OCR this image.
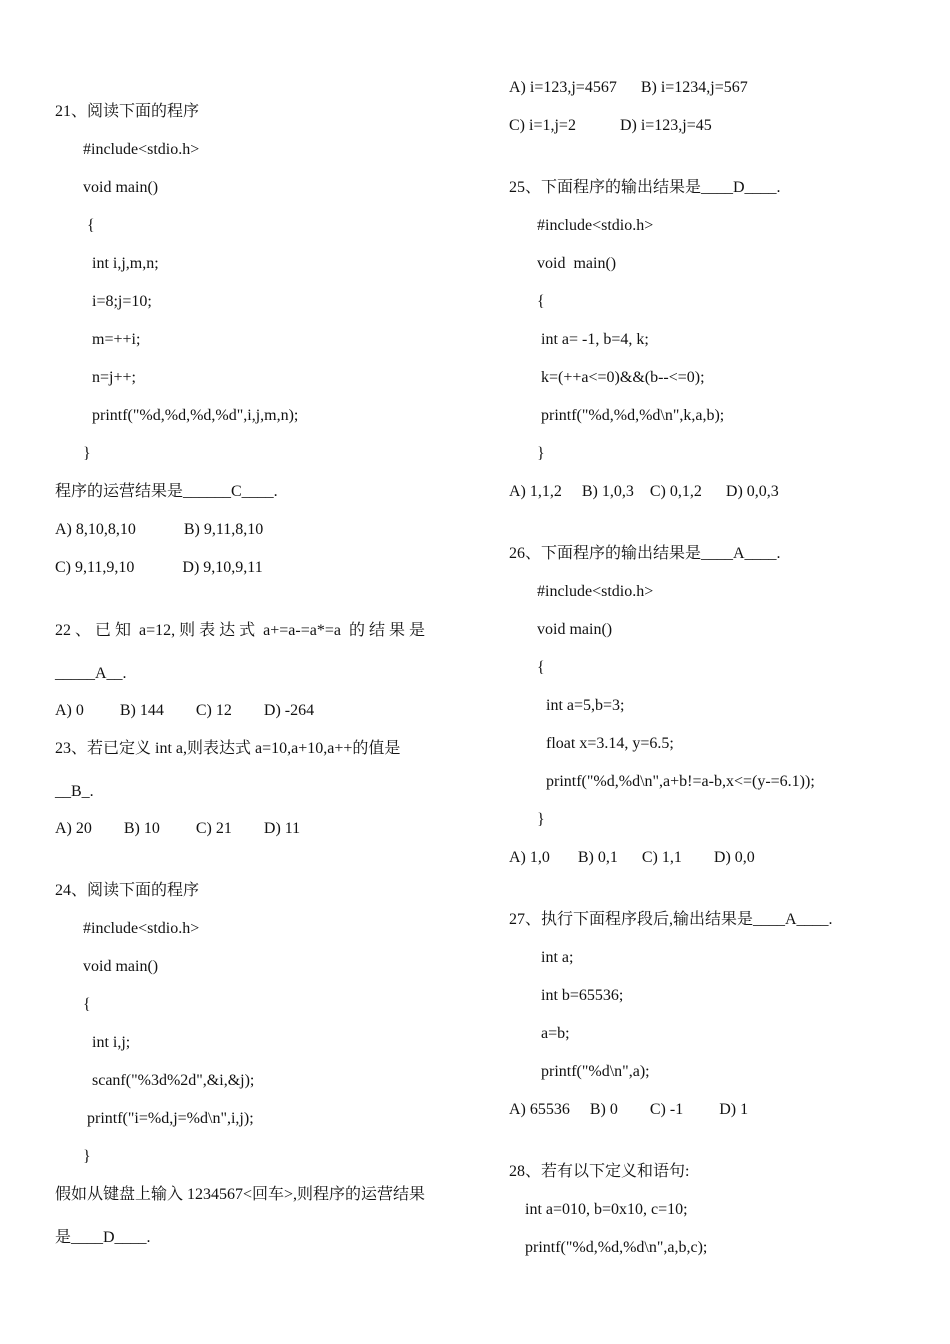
21、阅读下面的程序
#include<stdio.h>
void main()
{
int i,j,m,n;
i=8;j=10;
m=++i;
n=j++;
printf("%d,%d,%d,%d",i,j,m,n);
}
程序的运营结果是______C____.
A) 8,10,8,10            B) 9,11,8,10
C) 9,11,9,10            D) 9,10,9,11
22 、 已 知  a=12, 则 表 达 式  a+=a-=a*=a  的 结 果 是
_____A__.
A) 0         B) 144        C) 12        D) -264
23、若已定义 int a,则表达式 a=10,a+10,a++的值是
__B_.
A) 20        B) 10         C) 21        D) 11
24、阅读下面的程序
#include<stdio.h>
void main()
{
int i,j;
scanf("%3d%2d",&i,&j);
printf("i=%d,j=%d\n",i,j);
}
假如从键盘上输入 1234567<回车>,则程序的运营结果
是____D____.
A) i=123,j=4567      B) i=1234,j=567
C) i=1,j=2           D) i=123,j=45
25、下面程序的输出结果是____D____.
#include<stdio.h>
void  main()
{
int a= -1, b=4, k;
k=(++a<=0)&&(b--<=0);
printf("%d,%d,%d\n",k,a,b);
}
A) 1,1,2     B) 1,0,3    C) 0,1,2      D) 0,0,3
26、下面程序的输出结果是____A____.
#include<stdio.h>
void main()
{
int a=5,b=3;
float x=3.14, y=6.5;
printf("%d,%d\n",a+b!=a-b,x<=(y-=6.1));
}
A) 1,0       B) 0,1      C) 1,1        D) 0,0
27、执行下面程序段后,输出结果是____A____.
int a;
int b=65536;
a=b;
printf("%d\n",a);
A) 65536     B) 0        C) -1         D) 1
28、若有以下定义和语句:
int a=010, b=0x10, c=10;
printf("%d,%d,%d\n",a,b,c);
